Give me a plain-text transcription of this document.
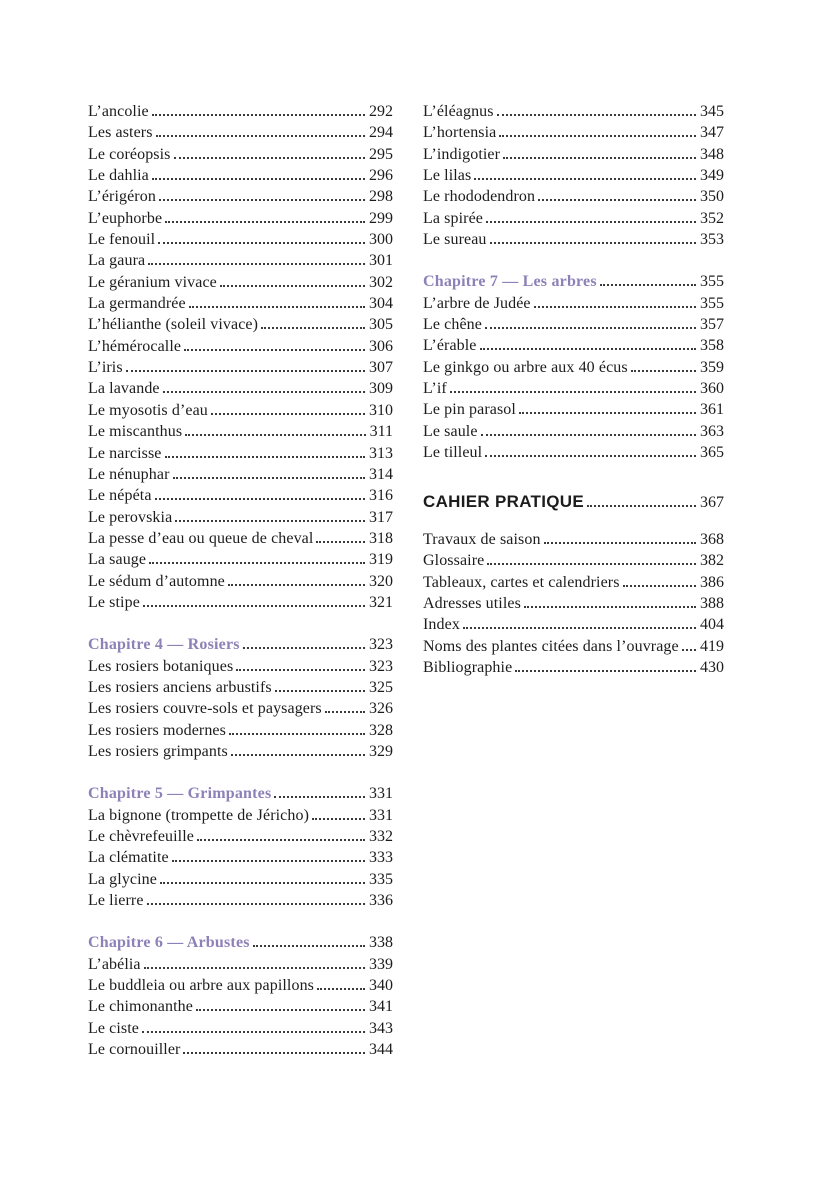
L’ancolie	292
Les asters	294
Le coréopsis	295
Le dahlia	296
L’érigéron	298
L’euphorbe	299
Le fenouil	300
La gaura	301
Le géranium vivace	302
La germandrée	304
L’hélianthe (soleil vivace)	305
L’hémérocalle	306
L’iris	307
La lavande	309
Le myosotis d’eau	310
Le miscanthus	311
Le narcisse	313
Le nénuphar	314
Le népéta	316
Le perovskia	317
La pesse d’eau ou queue de cheval	318
La sauge	319
Le sédum d’automne	320
Le stipe	321
Chapitre 4 — Rosiers	323
Les rosiers botaniques	323
Les rosiers anciens arbustifs	325
Les rosiers couvre-sols et paysagers	326
Les rosiers modernes	328
Les rosiers grimpants	329
Chapitre 5 — Grimpantes	331
La bignone (trompette de Jéricho)	331
Le chèvrefeuille	332
La clématite	333
La glycine	335
Le lierre	336
Chapitre 6 — Arbustes	338
L’abélia	339
Le buddleia ou arbre aux papillons	340
Le chimonanthe	341
Le ciste	343
Le cornouiller	344
L’éléagnus	345
L’hortensia	347
L’indigotier	348
Le lilas	349
Le rhododendron	350
La spirée	352
Le sureau	353
Chapitre 7 — Les arbres	355
L’arbre de Judée	355
Le chêne	357
L’érable	358
Le ginkgo ou arbre aux 40 écus	359
L’if	360
Le pin parasol	361
Le saule	363
Le tilleul	365
CAHIER PRATIQUE	367
Travaux de saison	368
Glossaire	382
Tableaux, cartes et calendriers	386
Adresses utiles	388
Index	404
Noms des plantes citées dans l’ouvrage 419
Bibliographie	430
